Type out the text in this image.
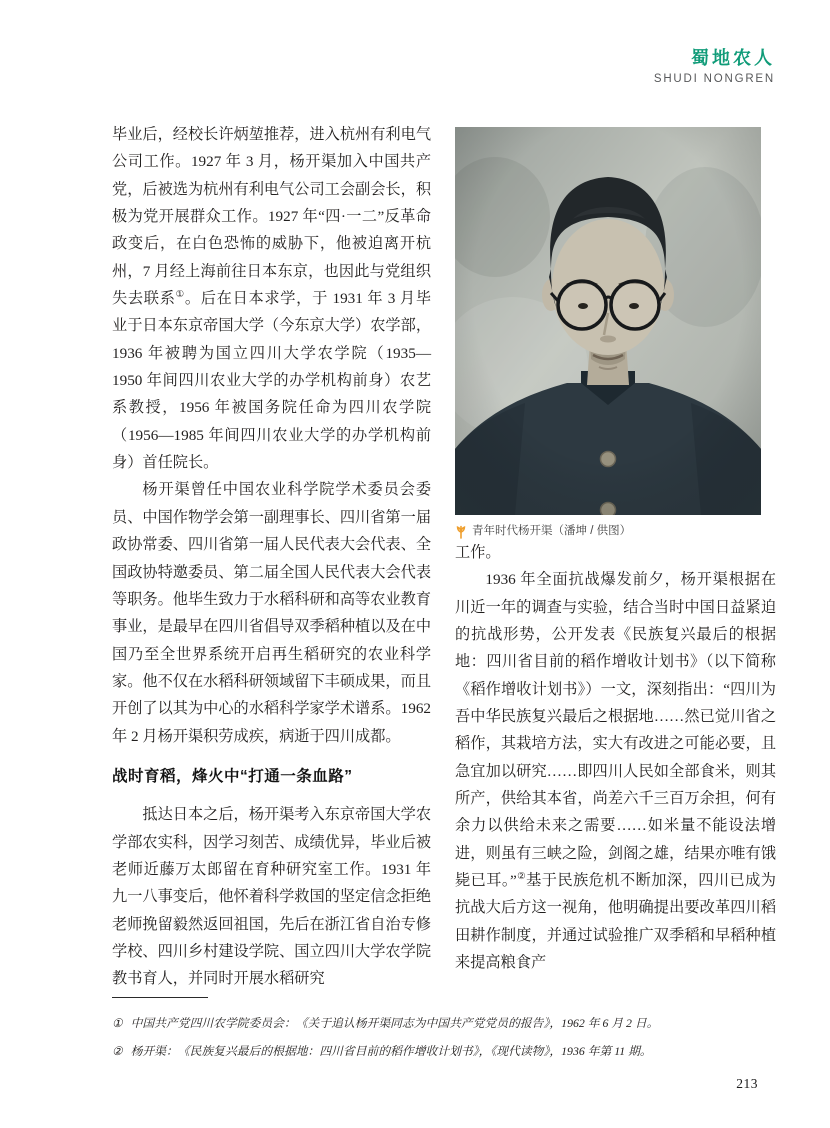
蜀地农人
SHUDI NONGREN

毕业后，经校长许炳堃推荐，进入杭州有利电气公司工作。1927 年 3 月，杨开渠加入中国共产党，后被选为杭州有利电气公司工会副会长，积极为党开展群众工作。1927 年“四·一二”反革命政变后，在白色恐怖的威胁下，他被迫离开杭州，7 月经上海前往日本东京，也因此与党组织失去联系①。后在日本求学，于 1931 年 3 月毕业于日本东京帝国大学（今东京大学）农学部，1936 年被聘为国立四川大学农学院（1935—1950 年间四川农业大学的办学机构前身）农艺系教授，1956 年被国务院任命为四川农学院（1956—1985 年间四川农业大学的办学机构前身）首任院长。

杨开渠曾任中国农业科学院学术委员会委员、中国作物学会第一副理事长、四川省第一届政协常委、四川省第一届人民代表大会代表、全国政协特邀委员、第二届全国人民代表大会代表等职务。他毕生致力于水稻科研和高等农业教育事业，是最早在四川省倡导双季稻种植以及在中国乃至全世界系统开启再生稻研究的农业科学家。他不仅在水稻科研领域留下丰硕成果，而且开创了以其为中心的水稻科学家学术谱系。1962 年 2 月杨开渠积劳成疾，病逝于四川成都。

战时育稻，烽火中“打通一条血路”

抵达日本之后，杨开渠考入东京帝国大学农学部农实科，因学习刻苦、成绩优异，毕业后被老师近藤万太郎留在育种研究室工作。1931 年九一八事变后，他怀着科学救国的坚定信念拒绝老师挽留毅然返回祖国，先后在浙江省自治专修学校、四川乡村建设学院、国立四川大学农学院教书育人，并同时开展水稻研究

青年时代杨开渠（潘坤 / 供图）

工作。

1936 年全面抗战爆发前夕，杨开渠根据在川近一年的调查与实验，结合当时中国日益紧迫的抗战形势，公开发表《民族复兴最后的根据地：四川省目前的稻作增收计划书》（以下简称《稻作增收计划书》）一文，深刻指出：“四川为吾中华民族复兴最后之根据地……然已觉川省之稻作，其栽培方法，实大有改进之可能必要，且急宜加以研究……即四川人民如全部食米，则其所产，供给其本省，尚差六千三百万余担，何有余力以供给未来之需要……如米量不能设法增进，则虽有三峡之险，剑阁之雄，结果亦唯有饿毙已耳。”②基于民族危机不断加深，四川已成为抗战大后方这一视角，他明确提出要改革四川稻田耕作制度，并通过试验推广双季稻和早稻种植来提高粮食产

① 中国共产党四川农学院委员会：《关于追认杨开渠同志为中国共产党党员的报告》，1962 年 6 月 2 日。
② 杨开渠：《民族复兴最后的根据地：四川省目前的稻作增收计划书》，《现代读物》，1936 年第 11 期。
213
